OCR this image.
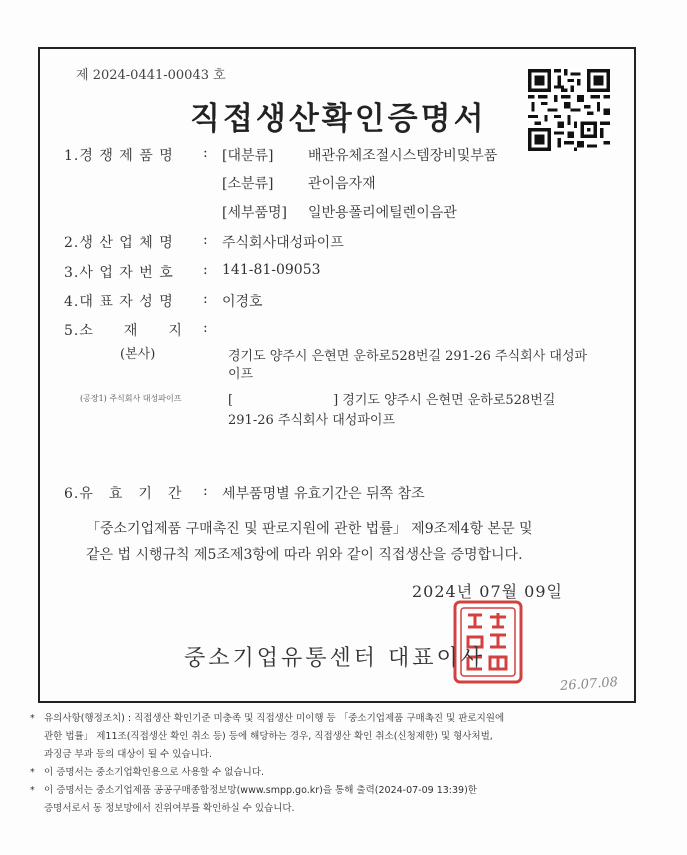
제 2024-0441-00043 호
직접생산확인증명서
1.경 쟁 제 품 명 : [대분류] 배관유체조절시스템장비및부품
[소분류] 관이음자재
[세부품명] 일반용폴리에틸렌이음관
2.생 산 업 체 명 : 주식회사대성파이프
3.사 업 자 번 호 : 141-81-09053
4.대 표 자 성 명 : 이경호
5.소　　재　　지 :
(본사)	경기도 양주시 은현면 운하로528번길 291-26 주식회사 대성파
이프
(공장1) 주식회사 대성파이프	[	] 경기도 양주시 은현면 운하로528번길
291-26 주식회사 대성파이프
6.유　효　기　간 : 세부품명별 유효기간은 뒤쪽 참조
「중소기업제품 구매촉진 및 판로지원에 관한 법률」 제9조제4항 본문 및
같은 법 시행규칙 제5조제3항에 따라 위와 같이 직접생산을 증명합니다.
2024년 07월 09일
중소기업유통센터 대표이사
26.07.08
* 유의사항(행정조치) : 직접생산 확인기준 미충족 및 직접생산 미이행 등 「중소기업제품 구매촉진 및 판로지원에
관한 법률」 제11조(직접생산 확인 취소 등) 등에 해당하는 경우, 직접생산 확인 취소(신청제한) 및 형사처벌,
과징금 부과 등의 대상이 될 수 있습니다.
* 이 증명서는 중소기업확인용으로 사용할 수 없습니다.
* 이 증명서는 중소기업제품 공공구매종합정보망(www.smpp.go.kr)을 통해 출력(2024-07-09 13:39)한
증명서로서 동 정보망에서 진위여부를 확인하실 수 있습니다.
